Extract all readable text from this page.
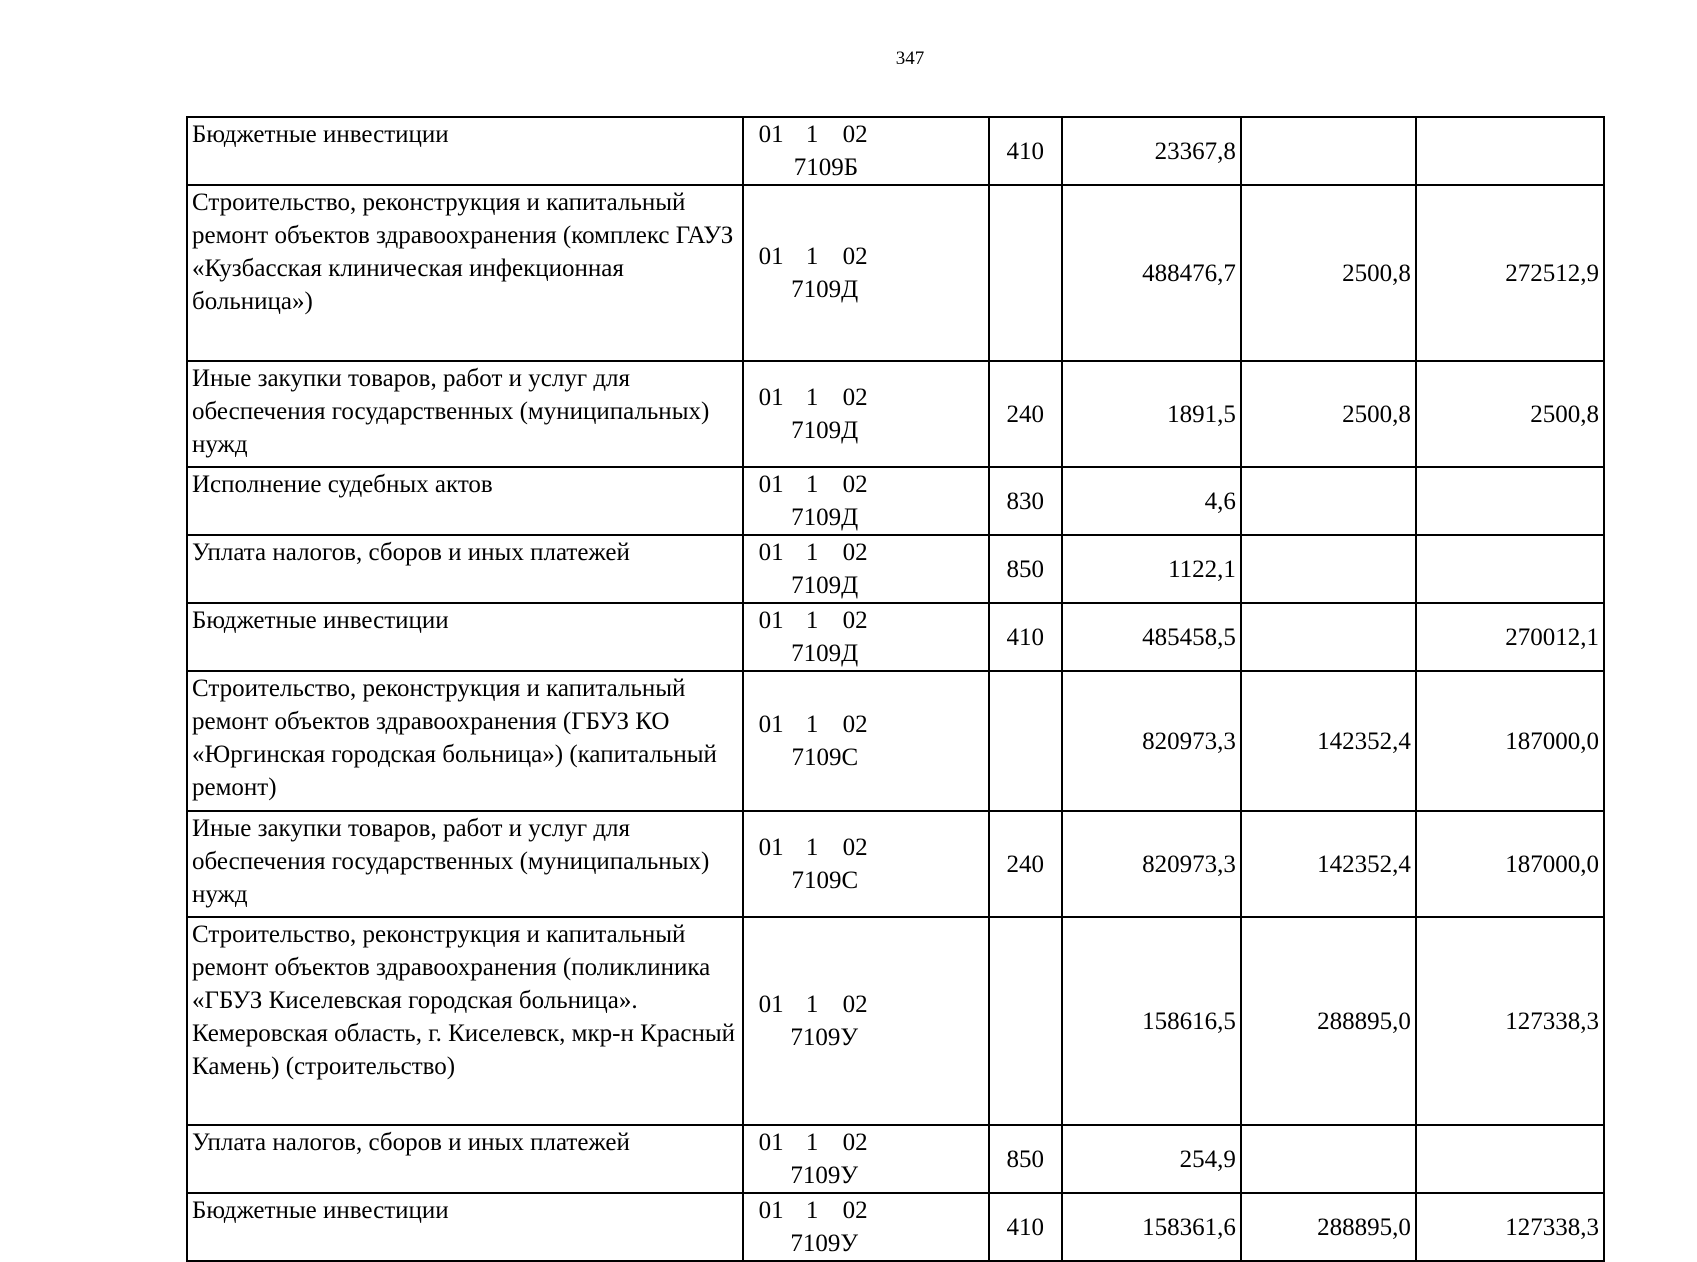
347
Бюджетные инвестиции	01 1 027109Б	410	23367,8		
Строительство, реконструкция и капитальный ремонт объектов здравоохранения (комплекс ГАУЗ «Кузбасская клиническая инфекционная больница»)	01 1 027109Д		488476,7	2500,8	272512,9
Иные закупки товаров, работ и услуг для обеспечения государственных (муниципальных) нужд	01 1 027109Д	240	1891,5	2500,8	2500,8
Исполнение судебных актов	01 1 027109Д	830	4,6		
Уплата налогов, сборов и иных платежей	01 1 027109Д	850	1122,1		
Бюджетные инвестиции	01 1 027109Д	410	485458,5		270012,1
Строительство, реконструкция и капитальный ремонт объектов здравоохранения (ГБУЗ КО «Юргинская городская больница») (капитальный ремонт)	01 1 027109С		820973,3	142352,4	187000,0
Иные закупки товаров, работ и услуг для обеспечения государственных (муниципальных) нужд	01 1 027109С	240	820973,3	142352,4	187000,0
Строительство, реконструкция и капитальный ремонт объектов здравоохранения (поликлиника «ГБУЗ Киселевская городская больница». Кемеровская область, г. Киселевск, мкр-н Красный Камень) (строительство)	01 1 027109У		158616,5	288895,0	127338,3
Уплата налогов, сборов и иных платежей	01 1 027109У	850	254,9		
Бюджетные инвестиции	01 1 027109У	410	158361,6	288895,0	127338,3
